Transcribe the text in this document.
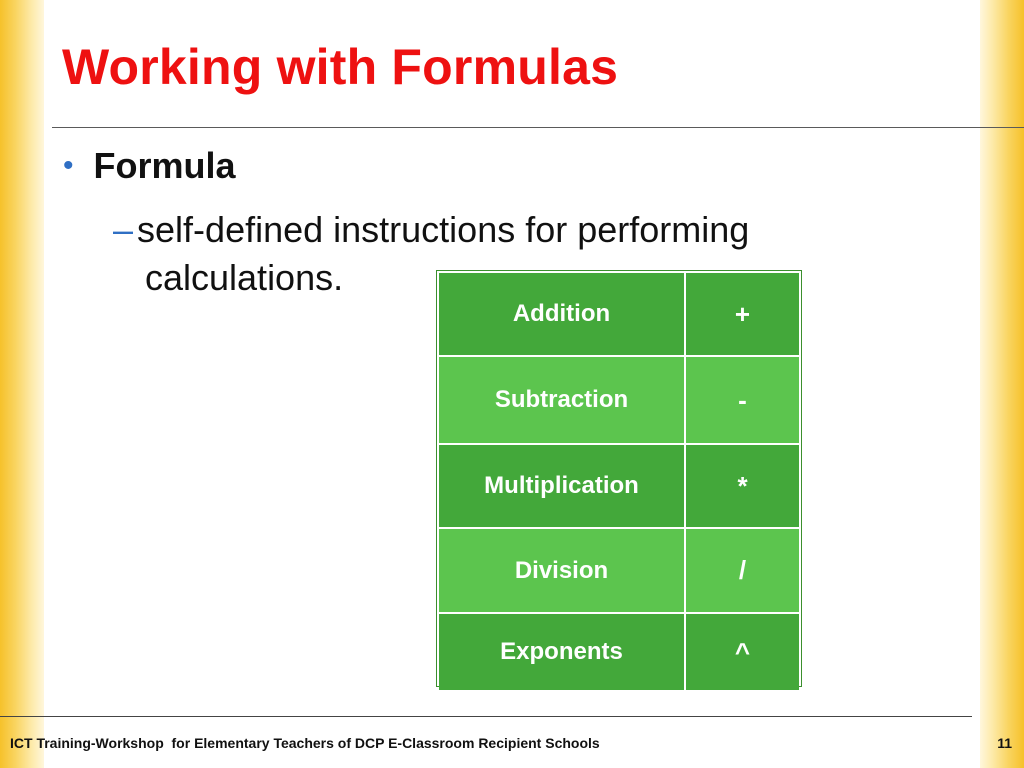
Working with Formulas
• Formula
– self-defined instructions for performing
calculations.
Addition	+
Subtraction	-
Multiplication	*
Division	/
Exponents	^
ICT Training-Workshop  for Elementary Teachers of DCP E-Classroom Recipient Schools	11
